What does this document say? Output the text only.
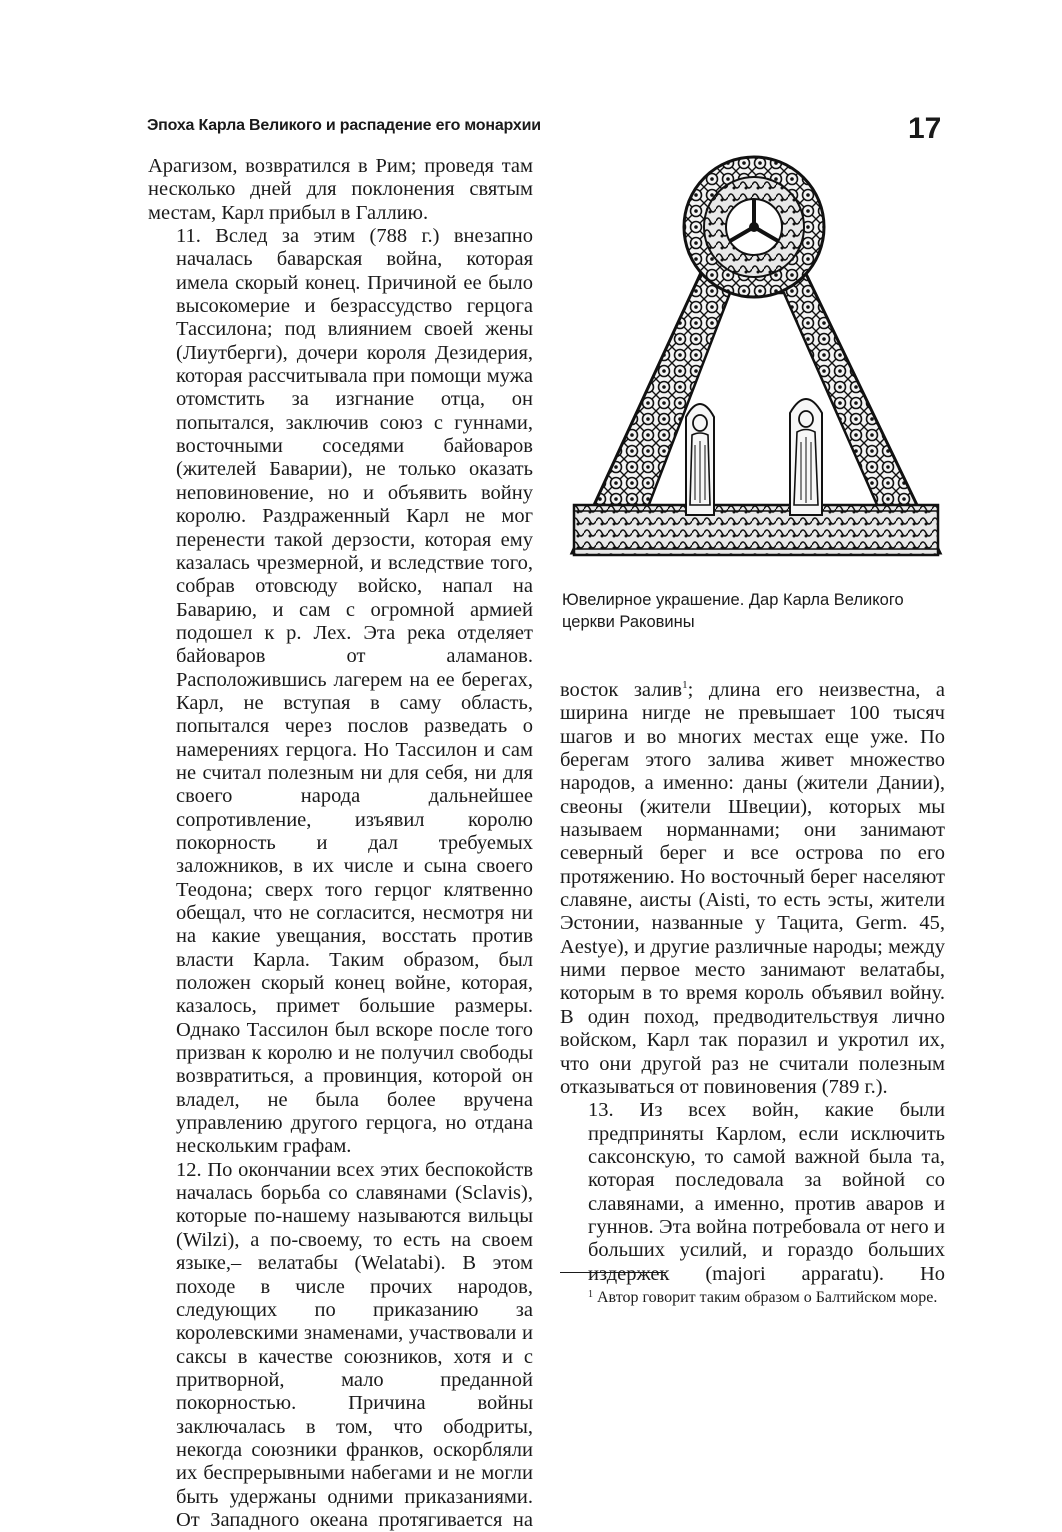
Эпоха Карла Великого и распадение его монархии	17

Арагизом, возвратился в Рим; проведя там несколько дней для поклонения святым местам, Карл прибыл в Галлию.

11. Вслед за этим (788 г.) внезапно началась баварская война, которая имела скорый конец. Причиной ее было высокомерие и безрассудство герцога Тассилона; под влиянием своей жены (Лиутберги), дочери короля Дезидерия, которая рассчитывала при помощи мужа отомстить за изгнание отца, он попытался, заключив союз с гуннами, восточными соседями байоваров (жителей Баварии), не только оказать неповиновение, но и объявить войну королю. Раздраженный Карл не мог перенести такой дерзости, которая ему казалась чрезмерной, и вследствие того, собрав отовсюду войско, напал на Баварию, и сам с огромной армией подошел к р. Лех. Эта река отделяет байоваров от аламанов. Расположившись лагерем на ее берегах, Карл, не вступая в саму область, попытался через послов разведать о намерениях герцога. Но Тассилон и сам не считал полезным ни для себя, ни для своего народа дальнейшее сопротивление, изъявил королю покорность и дал требуемых заложников, в их числе и сына своего Теодона; сверх того герцог клятвенно обещал, что не согласится, несмотря ни на какие увещания, восстать против власти Карла. Таким образом, был положен скорый конец войне, которая, казалось, примет большие размеры. Однако Тассилон был вскоре после того призван к королю и не получил свободы возвратиться, а провинция, которой он владел, не была более вручена управлению другого герцога, но отдана нескольким графам.

12. По окончании всех этих беспокойств началась борьба со славянами (Sclavis), которые по-нашему называются вильцы (Wilzi), а по-своему, то есть на своем языке,– велатабы (Welatabi). В этом походе в числе прочих народов, следующих по приказанию за королевскими знаменами, участвовали и саксы в качестве союзников, хотя и с притворной, мало преданной покорностью. Причина войны заключалась в том, что ободриты, некогда союзники франков, оскорбляли их беспрерывными набегами и не могли быть удержаны одними приказаниями. От Западного океана протягивается на

Ювелирное украшение. Дар Карла Великого церкви Раковины

восток залив$^1$; длина его неизвестна, а ширина нигде не превышает 100 тысяч шагов и во многих местах еще уже. По берегам этого залива живет множество народов, а именно: даны (жители Дании), свеоны (жители Швеции), которых мы называем норманнами; они занимают северный берег и все острова по его протяжению. Но восточный берег населяют славяне, аисты (Aisti, то есть эсты, жители Эстонии, названные у Тацита, Germ. 45, Aestye), и другие различные народы; между ними первое место занимают велатабы, которым в то время король объявил войну. В один поход, предводительствуя лично войском, Карл так поразил и укротил их, что они другой раз не считали полезным отказываться от повиновения (789 г.).

13. Из всех войн, какие были предприняты Карлом, если исключить саксонскую, то самой важной была та, которая последовала за войной со славянами, а именно, против аваров и гуннов. Эта война потребовала от него и больших усилий, и гораздо больших издержек (majori apparatu). Но

$^1$ Автор говорит таким образом о Балтийском море.
